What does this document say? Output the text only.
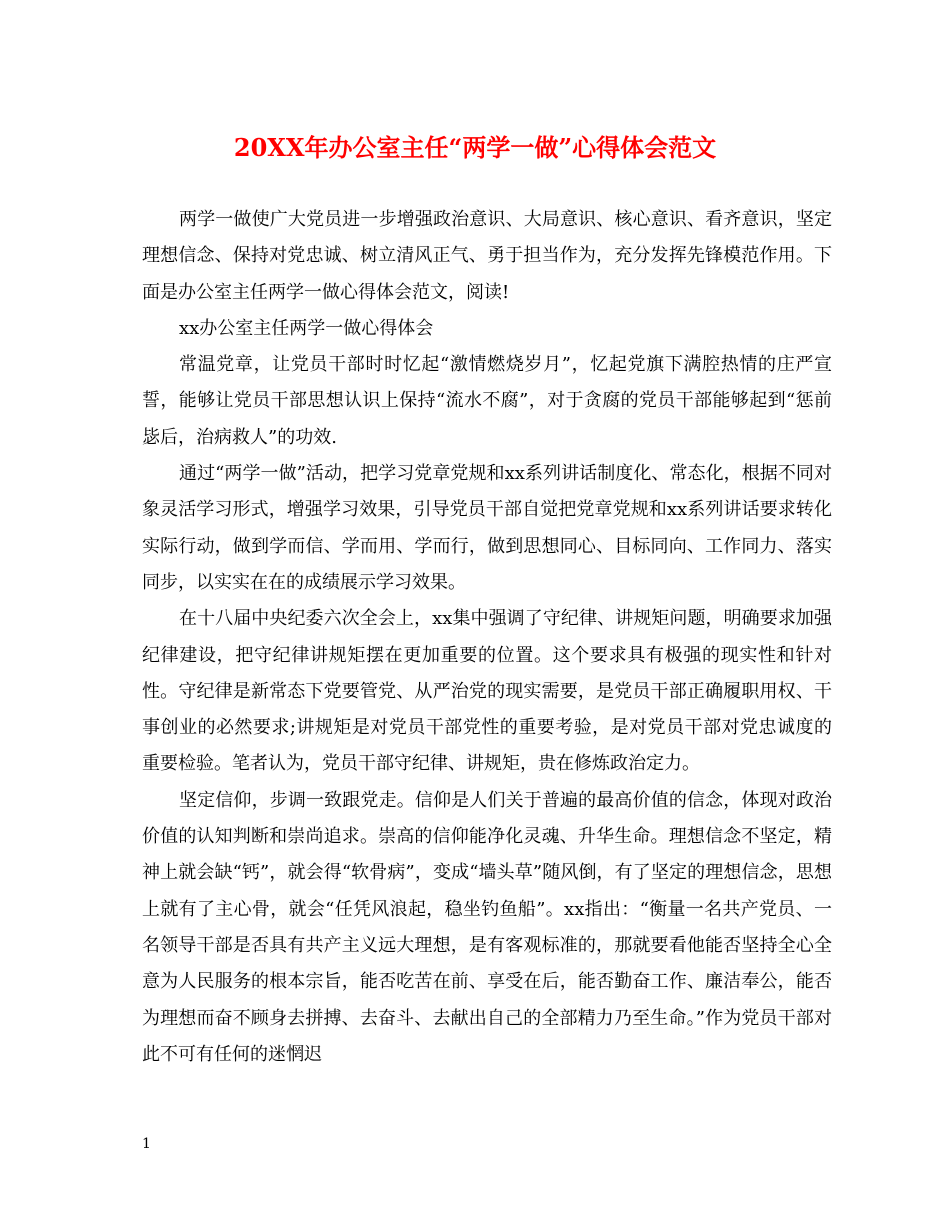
20XX年办公室主任“两学一做”心得体会范文

两学一做使广大党员进一步增强政治意识、大局意识、核心意识、看齐意识，坚定理想信念、保持对党忠诚、树立清风正气、勇于担当作为，充分发挥先锋模范作用。下面是办公室主任两学一做心得体会范文，阅读!

xx办公室主任两学一做心得体会

常温党章，让党员干部时时忆起“激情燃烧岁月”，忆起党旗下满腔热情的庄严宣誓，能够让党员干部思想认识上保持“流水不腐”，对于贪腐的党员干部能够起到“惩前毖后，治病救人”的功效.

通过“两学一做”活动，把学习党章党规和xx系列讲话制度化、常态化，根据不同对象灵活学习形式，增强学习效果，引导党员干部自觉把党章党规和xx系列讲话要求转化实际行动，做到学而信、学而用、学而行，做到思想同心、目标同向、工作同力、落实同步，以实实在在的成绩展示学习效果。

在十八届中央纪委六次全会上，xx集中强调了守纪律、讲规矩问题，明确要求加强纪律建设，把守纪律讲规矩摆在更加重要的位置。这个要求具有极强的现实性和针对性。守纪律是新常态下党要管党、从严治党的现实需要，是党员干部正确履职用权、干事创业的必然要求;讲规矩是对党员干部党性的重要考验，是对党员干部对党忠诚度的重要检验。笔者认为，党员干部守纪律、讲规矩，贵在修炼政治定力。

坚定信仰，步调一致跟党走。信仰是人们关于普遍的最高价值的信念，体现对政治价值的认知判断和崇尚追求。崇高的信仰能净化灵魂、升华生命。理想信念不坚定，精神上就会缺“钙”，就会得“软骨病”，变成“墙头草”随风倒，有了坚定的理想信念，思想上就有了主心骨，就会“任凭风浪起，稳坐钓鱼船”。xx指出：“衡量一名共产党员、一名领导干部是否具有共产主义远大理想，是有客观标准的，那就要看他能否坚持全心全意为人民服务的根本宗旨，能否吃苦在前、享受在后，能否勤奋工作、廉洁奉公，能否为理想而奋不顾身去拼搏、去奋斗、去献出自己的全部精力乃至生命。”作为党员干部对此不可有任何的迷惘迟

1
